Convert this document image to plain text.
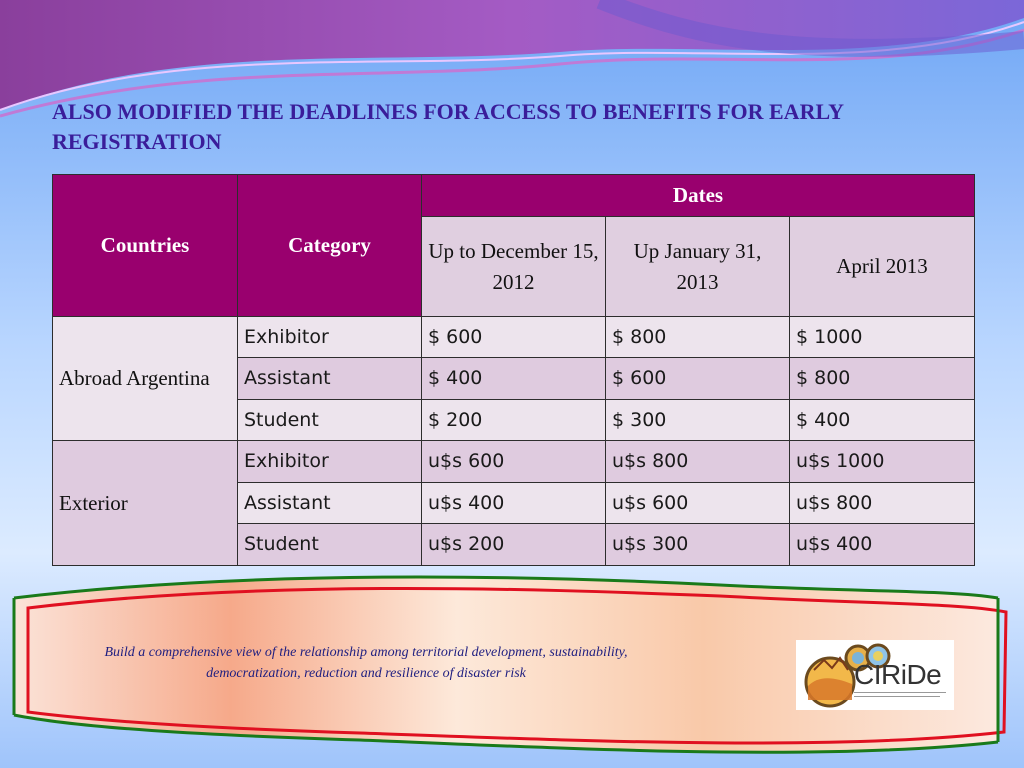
ALSO MODIFIED THE DEADLINES FOR ACCESS TO BENEFITS FOR EARLY REGISTRATION
Countries	Category	Dates		
		Up to December 15, 2012	Up January 31, 2013	April 2013
Abroad Argentina	Exhibitor	$ 600	$ 800	$ 1000
	Assistant	$ 400	$ 600	$ 800
	Student	$ 200	$ 300	$ 400
Exterior	Exhibitor	u$s 600	u$s 800	u$s 1000
	Assistant	u$s 400	u$s 600	u$s 800
	Student	u$s 200	u$s 300	u$s 400

Build a comprehensive view of the relationship among territorial development, sustainability, democratization, reduction and resilience of disaster risk	CIRiDe
